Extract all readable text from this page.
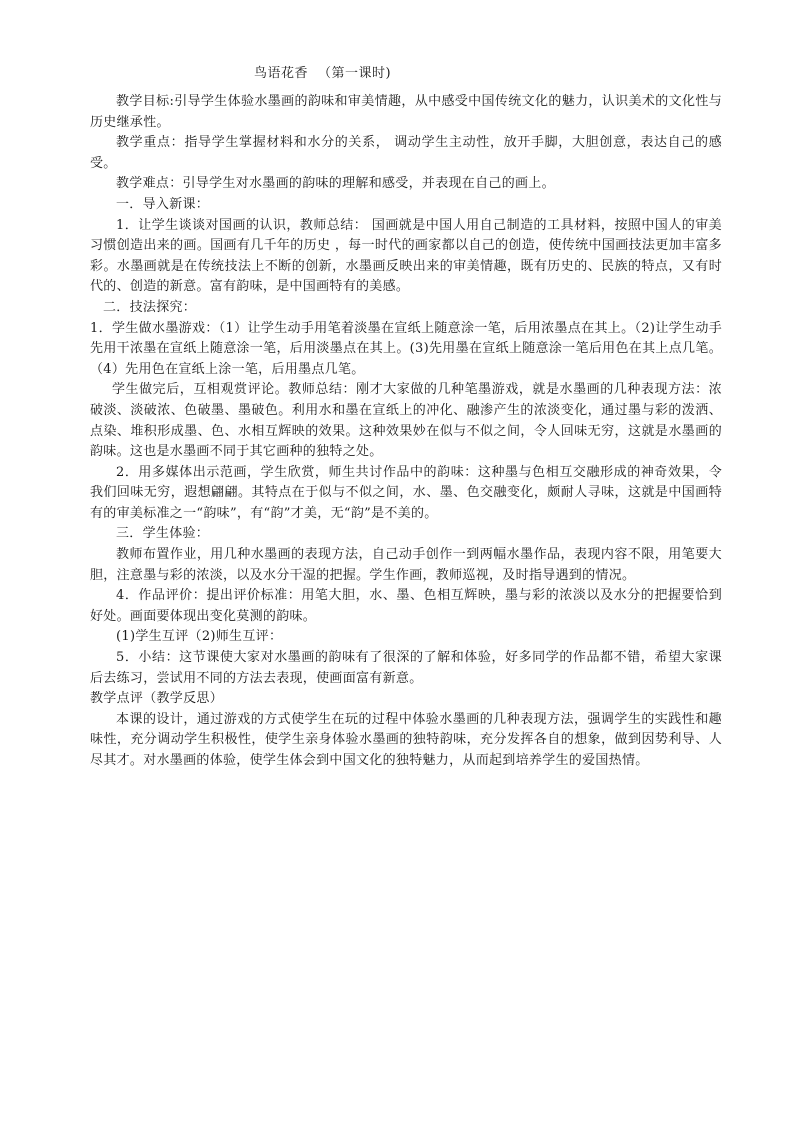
鸟语花香 （第一课时)

教学目标:引导学生体验水墨画的韵味和审美情趣，从中感受中国传统文化的魅力，认识美术的文化性与历史继承性。

教学重点：指导学生掌握材料和水分的关系， 调动学生主动性，放开手脚，大胆创意，表达自己的感受。

教学难点：引导学生对水墨画的韵味的理解和感受，并表现在自己的画上。

一．导入新课：

1．让学生谈谈对国画的认识，教师总结： 国画就是中国人用自己制造的工具材料，按照中国人的审美习惯创造出来的画。国画有几千年的历史 ，每一时代的画家都以自己的创造，使传统中国画技法更加丰富多彩。水墨画就是在传统技法上不断的创新，水墨画反映出来的审美情趣，既有历史的、民族的特点，又有时代的、创造的新意。富有韵味，是中国画特有的美感。

二．技法探究：

1．学生做水墨游戏：（1）让学生动手用笔着淡墨在宣纸上随意涂一笔，后用浓墨点在其上。（2)让学生动手先用干浓墨在宣纸上随意涂一笔，后用淡墨点在其上。(3)先用墨在宣纸上随意涂一笔后用色在其上点几笔。（4）先用色在宣纸上涂一笔，后用墨点几笔。

学生做完后，互相观赏评论。教师总结：刚才大家做的几种笔墨游戏，就是水墨画的几种表现方法：浓破淡、淡破浓、色破墨、墨破色。利用水和墨在宣纸上的冲化、融渗产生的浓淡变化，通过墨与彩的泼洒、点染、堆积形成墨、色、水相互辉映的效果。这种效果妙在似与不似之间，令人回味无穷，这就是水墨画的韵味。这也是水墨画不同于其它画种的独特之处。

2．用多媒体出示范画，学生欣赏，师生共讨作品中的韵味：这种墨与色相互交融形成的神奇效果，令我们回味无穷，遐想翩翩。其特点在于似与不似之间，水、墨、色交融变化，颇耐人寻味，这就是中国画特有的审美标准之一“韵味”，有“韵”才美，无“韵”是不美的。

三．学生体验：

教师布置作业，用几种水墨画的表现方法，自己动手创作一到两幅水墨作品，表现内容不限，用笔要大胆，注意墨与彩的浓淡，以及水分干湿的把握。学生作画，教师巡视，及时指导遇到的情况。

4．作品评价：提出评价标准：用笔大胆，水、墨、色相互辉映，墨与彩的浓淡以及水分的把握要恰到好处。画面要体现出变化莫测的韵味。

(1)学生互评（2)师生互评：

5．小结：这节课使大家对水墨画的韵味有了很深的了解和体验，好多同学的作品都不错，希望大家课后去练习，尝试用不同的方法去表现，使画面富有新意。

教学点评（教学反思）

本课的设计，通过游戏的方式使学生在玩的过程中体验水墨画的几种表现方法，强调学生的实践性和趣味性，充分调动学生积极性，使学生亲身体验水墨画的独特韵味，充分发挥各自的想象，做到因势利导、人尽其才。对水墨画的体验，使学生体会到中国文化的独特魅力，从而起到培养学生的爱国热情。
